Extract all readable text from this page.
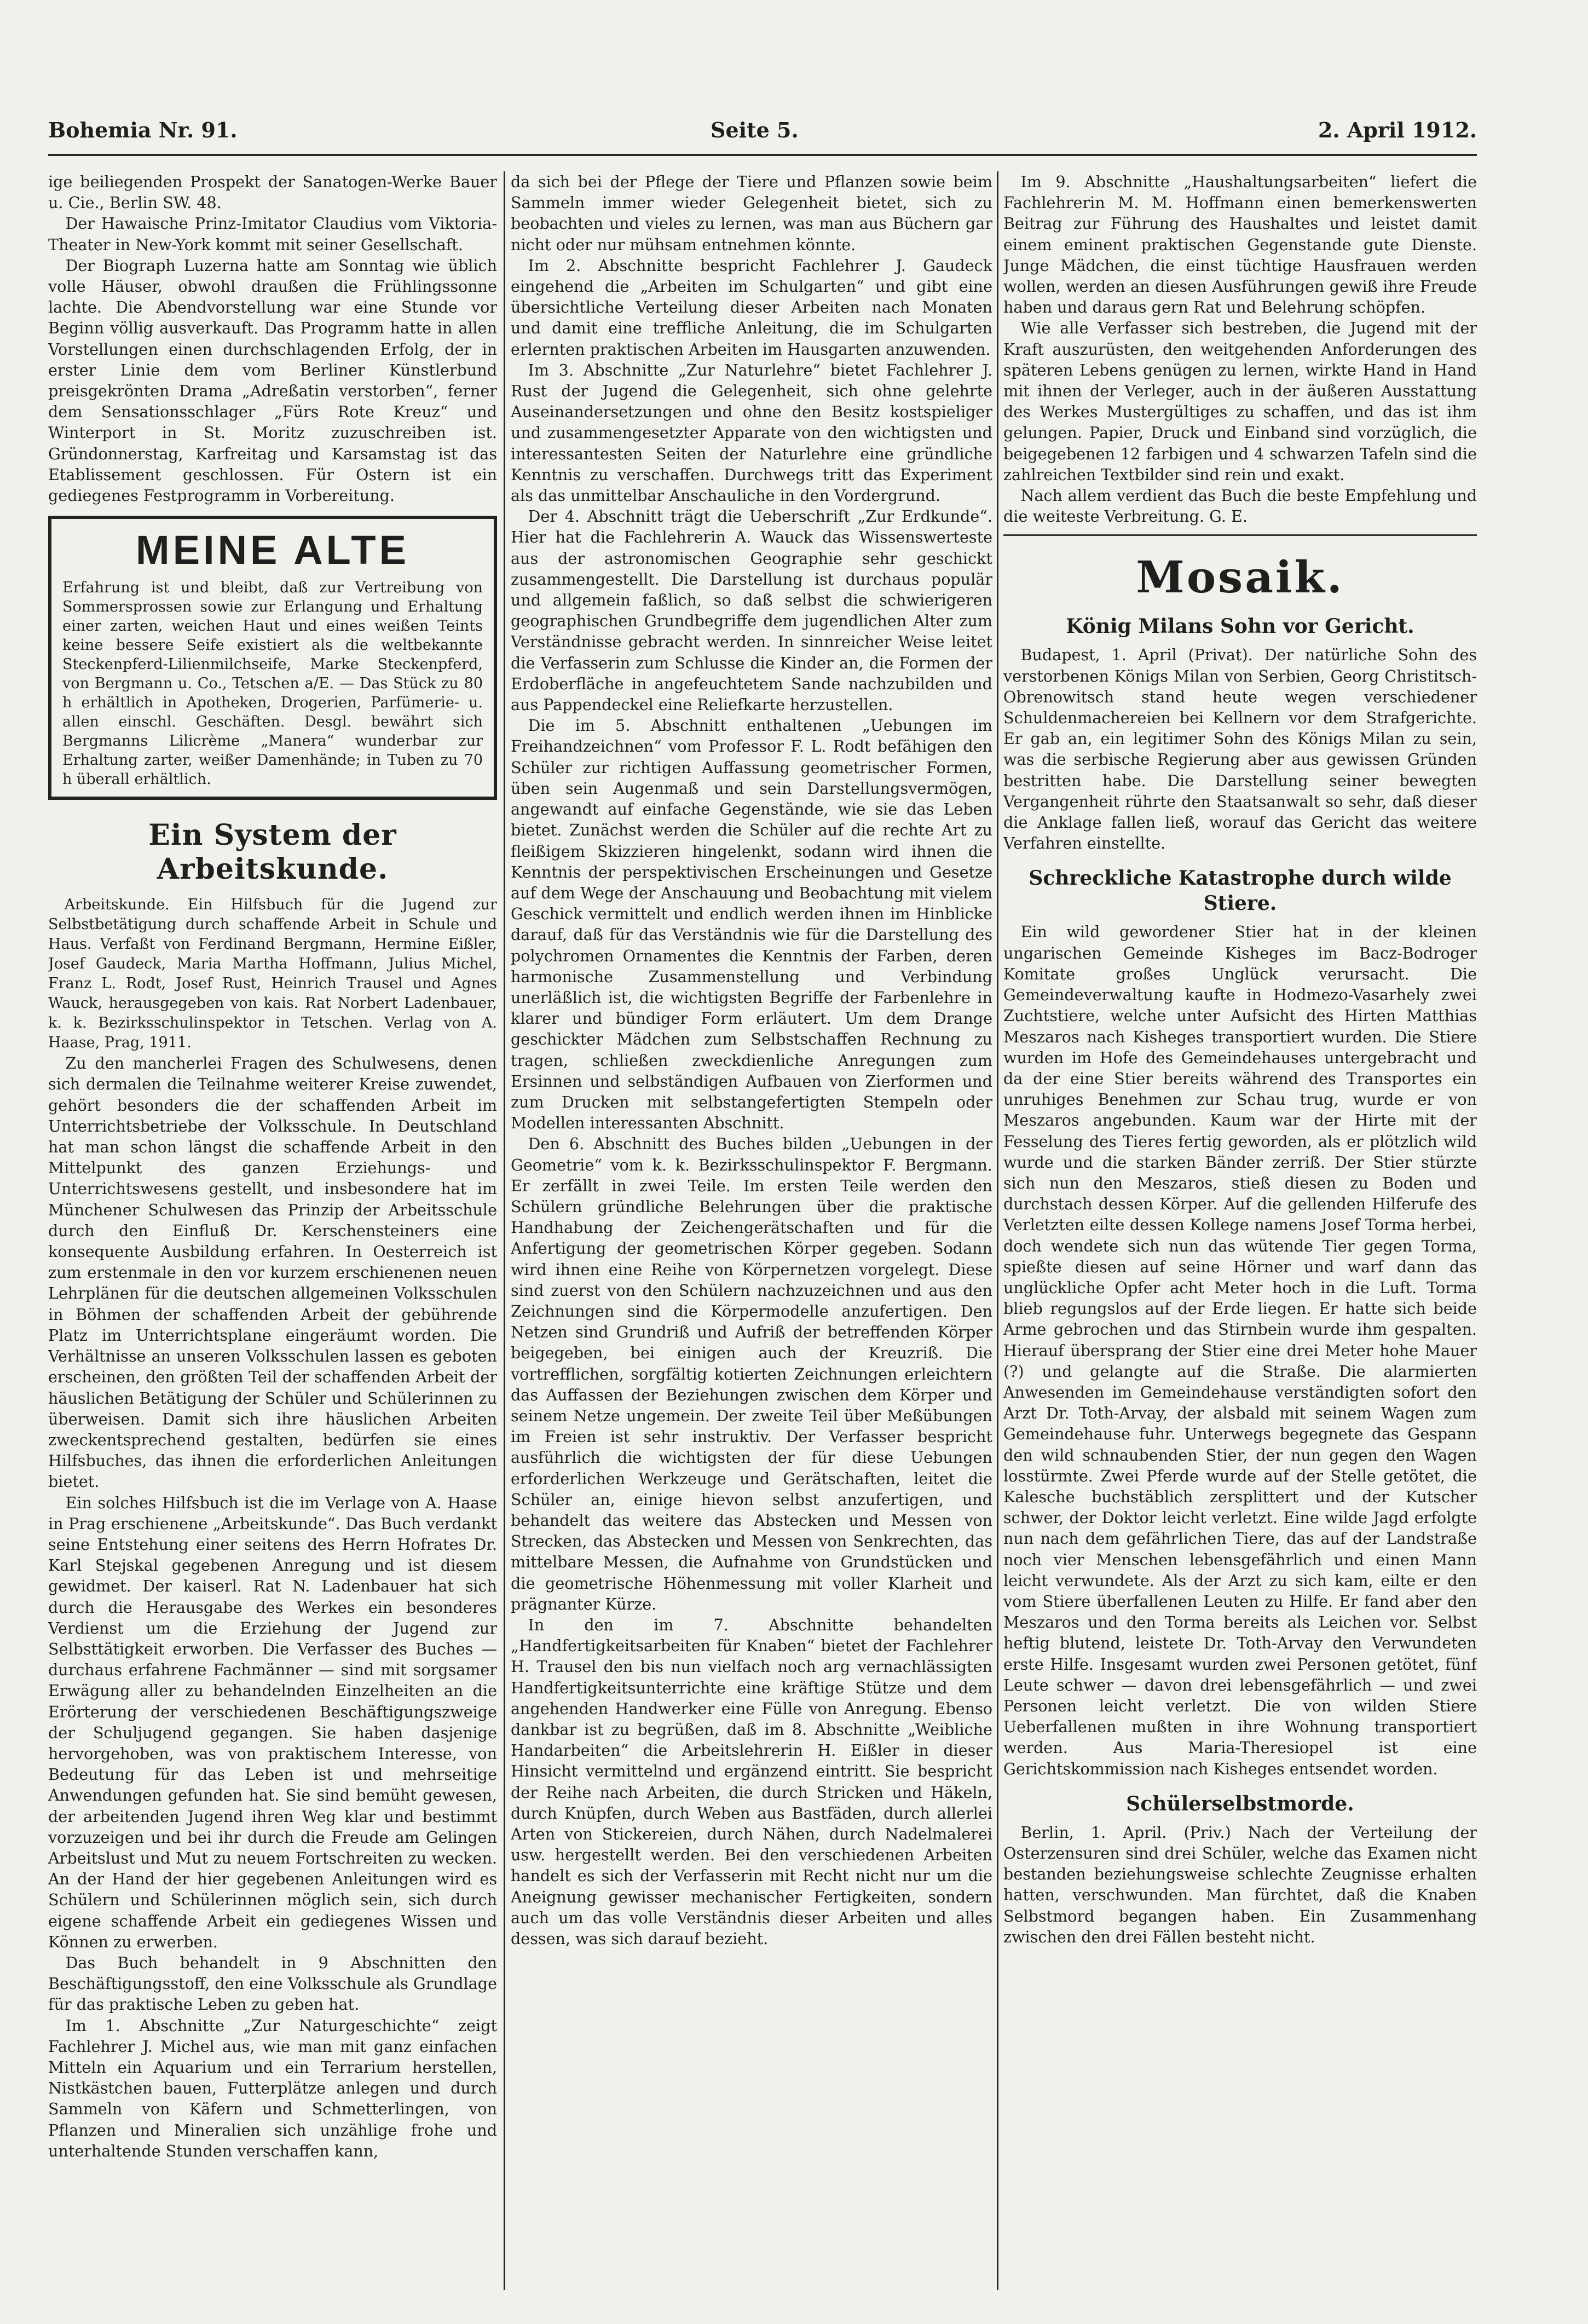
Bohemia Nr. 91.	Seite 5.	2. April 1912.

ige beiliegenden Prospekt der Sanatogen-Werke Bauer u. Cie., Berlin SW. 48.

Der Hawaische Prinz-Imitator Claudius vom Viktoria-Theater in New-York kommt mit seiner Gesellschaft.

Der Biograph Luzerna hatte am Sonntag wie üblich volle Häuser, obwohl draußen die Frühlingssonne lachte. Die Abendvorstellung war eine Stunde vor Beginn völlig ausverkauft. Das Programm hatte in allen Vorstellungen einen durchschlagenden Erfolg, der in erster Linie dem vom Berliner Künstlerbund preisgekrönten Drama „Adreßatin verstorben“, ferner dem Sensationsschlager „Fürs Rote Kreuz“ und Winterport in St. Moritz zuzuschreiben ist. Gründonnerstag, Karfreitag und Karsamstag ist das Etablissement geschlossen. Für Ostern ist ein gediegenes Festprogramm in Vorbereitung.

MEINE ALTE
Erfahrung ist und bleibt, daß zur Vertreibung von Sommersprossen sowie zur Erlangung und Erhaltung einer zarten, weichen Haut und eines weißen Teints keine bessere Seife existiert als die weltbekannte Steckenpferd-Lilienmilchseife, Marke Steckenpferd, von Bergmann u. Co., Tetschen a/E. — Das Stück zu 80 h erhältlich in Apotheken, Drogerien, Parfümerie- u. allen einschl. Geschäften. Desgl. bewährt sich Bergmanns Lilicrème „Manera“ wunderbar zur Erhaltung zarter, weißer Damenhände; in Tuben zu 70 h überall erhältlich.
Ein System der Arbeitskunde.

Arbeitskunde. Ein Hilfsbuch für die Jugend zur Selbstbetätigung durch schaffende Arbeit in Schule und Haus. Verfaßt von Ferdinand Bergmann, Hermine Eißler, Josef Gaudeck, Maria Martha Hoffmann, Julius Michel, Franz L. Rodt, Josef Rust, Heinrich Trausel und Agnes Wauck, herausgegeben von kais. Rat Norbert Ladenbauer, k. k. Bezirksschulinspektor in Tetschen. Verlag von A. Haase, Prag, 1911.

Zu den mancherlei Fragen des Schulwesens, denen sich dermalen die Teilnahme weiterer Kreise zuwendet, gehört besonders die der schaffenden Arbeit im Unterrichtsbetriebe der Volksschule. In Deutschland hat man schon längst die schaffende Arbeit in den Mittelpunkt des ganzen Erziehungs- und Unterrichtswesens gestellt, und insbesondere hat im Münchener Schulwesen das Prinzip der Arbeitsschule durch den Einfluß Dr. Kerschensteiners eine konsequente Ausbildung erfahren. In Oesterreich ist zum erstenmale in den vor kurzem erschienenen neuen Lehrplänen für die deutschen allgemeinen Volksschulen in Böhmen der schaffenden Arbeit der gebührende Platz im Unterrichtsplane eingeräumt worden. Die Verhältnisse an unseren Volksschulen lassen es geboten erscheinen, den größten Teil der schaffenden Arbeit der häuslichen Betätigung der Schüler und Schülerinnen zu überweisen. Damit sich ihre häuslichen Arbeiten zweckentsprechend gestalten, bedürfen sie eines Hilfsbuches, das ihnen die erforderlichen Anleitungen bietet.

Ein solches Hilfsbuch ist die im Verlage von A. Haase in Prag erschienene „Arbeitskunde“. Das Buch verdankt seine Entstehung einer seitens des Herrn Hofrates Dr. Karl Stejskal gegebenen Anregung und ist diesem gewidmet. Der kaiserl. Rat N. Ladenbauer hat sich durch die Herausgabe des Werkes ein besonderes Verdienst um die Erziehung der Jugend zur Selbsttätigkeit erworben. Die Verfasser des Buches — durchaus erfahrene Fachmänner — sind mit sorgsamer Erwägung aller zu behandelnden Einzelheiten an die Erörterung der verschiedenen Beschäftigungszweige der Schuljugend gegangen. Sie haben dasjenige hervorgehoben, was von praktischem Interesse, von Bedeutung für das Leben ist und mehrseitige Anwendungen gefunden hat. Sie sind bemüht gewesen, der arbeitenden Jugend ihren Weg klar und bestimmt vorzuzeigen und bei ihr durch die Freude am Gelingen Arbeitslust und Mut zu neuem Fortschreiten zu wecken. An der Hand der hier gegebenen Anleitungen wird es Schülern und Schülerinnen möglich sein, sich durch eigene schaffende Arbeit ein gediegenes Wissen und Können zu erwerben.

Das Buch behandelt in 9 Abschnitten den Beschäftigungsstoff, den eine Volksschule als Grundlage für das praktische Leben zu geben hat.

Im 1. Abschnitte „Zur Naturgeschichte“ zeigt Fachlehrer J. Michel aus, wie man mit ganz einfachen Mitteln ein Aquarium und ein Terrarium herstellen, Nistkästchen bauen, Futterplätze anlegen und durch Sammeln von Käfern und Schmetterlingen, von Pflanzen und Mineralien sich unzählige frohe und unterhaltende Stunden verschaffen kann,

da sich bei der Pflege der Tiere und Pflanzen sowie beim Sammeln immer wieder Gelegenheit bietet, sich zu beobachten und vieles zu lernen, was man aus Büchern gar nicht oder nur mühsam entnehmen könnte.

Im 2. Abschnitte bespricht Fachlehrer J. Gaudeck eingehend die „Arbeiten im Schulgarten“ und gibt eine übersichtliche Verteilung dieser Arbeiten nach Monaten und damit eine treffliche Anleitung, die im Schulgarten erlernten praktischen Arbeiten im Hausgarten anzuwenden.

Im 3. Abschnitte „Zur Naturlehre“ bietet Fachlehrer J. Rust der Jugend die Gelegenheit, sich ohne gelehrte Auseinandersetzungen und ohne den Besitz kostspieliger und zusammengesetzter Apparate von den wichtigsten und interessantesten Seiten der Naturlehre eine gründliche Kenntnis zu verschaffen. Durchwegs tritt das Experiment als das unmittelbar Anschauliche in den Vordergrund.

Der 4. Abschnitt trägt die Ueberschrift „Zur Erdkunde“. Hier hat die Fachlehrerin A. Wauck das Wissenswerteste aus der astronomischen Geographie sehr geschickt zusammengestellt. Die Darstellung ist durchaus populär und allgemein faßlich, so daß selbst die schwierigeren geographischen Grundbegriffe dem jugendlichen Alter zum Verständnisse gebracht werden. In sinnreicher Weise leitet die Verfasserin zum Schlusse die Kinder an, die Formen der Erdoberfläche in angefeuchtetem Sande nachzubilden und aus Pappendeckel eine Reliefkarte herzustellen.

Die im 5. Abschnitt enthaltenen „Uebungen im Freihandzeichnen“ vom Professor F. L. Rodt befähigen den Schüler zur richtigen Auffassung geometrischer Formen, üben sein Augenmaß und sein Darstellungsvermögen, angewandt auf einfache Gegenstände, wie sie das Leben bietet. Zunächst werden die Schüler auf die rechte Art zu fleißigem Skizzieren hingelenkt, sodann wird ihnen die Kenntnis der perspektivischen Erscheinungen und Gesetze auf dem Wege der Anschauung und Beobachtung mit vielem Geschick vermittelt und endlich werden ihnen im Hinblicke darauf, daß für das Verständnis wie für die Darstellung des polychromen Ornamentes die Kenntnis der Farben, deren harmonische Zusammenstellung und Verbindung unerläßlich ist, die wichtigsten Begriffe der Farbenlehre in klarer und bündiger Form erläutert. Um dem Drange geschickter Mädchen zum Selbstschaffen Rechnung zu tragen, schließen zweckdienliche Anregungen zum Ersinnen und selbständigen Aufbauen von Zierformen und zum Drucken mit selbstangefertigten Stempeln oder Modellen interessanten Abschnitt.

Den 6. Abschnitt des Buches bilden „Uebungen in der Geometrie“ vom k. k. Bezirksschulinspektor F. Bergmann. Er zerfällt in zwei Teile. Im ersten Teile werden den Schülern gründliche Belehrungen über die praktische Handhabung der Zeichengerätschaften und für die Anfertigung der geometrischen Körper gegeben. Sodann wird ihnen eine Reihe von Körpernetzen vorgelegt. Diese sind zuerst von den Schülern nachzuzeichnen und aus den Zeichnungen sind die Körpermodelle anzufertigen. Den Netzen sind Grundriß und Aufriß der betreffenden Körper beigegeben, bei einigen auch der Kreuzriß. Die vortrefflichen, sorgfältig kotierten Zeichnungen erleichtern das Auffassen der Beziehungen zwischen dem Körper und seinem Netze ungemein. Der zweite Teil über Meßübungen im Freien ist sehr instruktiv. Der Verfasser bespricht ausführlich die wichtigsten der für diese Uebungen erforderlichen Werkzeuge und Gerätschaften, leitet die Schüler an, einige hievon selbst anzufertigen, und behandelt das weitere das Abstecken und Messen von Strecken, das Abstecken und Messen von Senkrechten, das mittelbare Messen, die Aufnahme von Grundstücken und die geometrische Höhenmessung mit voller Klarheit und prägnanter Kürze.

In den im 7. Abschnitte behandelten „Handfertigkeitsarbeiten für Knaben“ bietet der Fachlehrer H. Trausel den bis nun vielfach noch arg vernachlässigten Handfertigkeitsunterrichte eine kräftige Stütze und dem angehenden Handwerker eine Fülle von Anregung. Ebenso dankbar ist zu begrüßen, daß im 8. Abschnitte „Weibliche Handarbeiten“ die Arbeitslehrerin H. Eißler in dieser Hinsicht vermittelnd und ergänzend eintritt. Sie bespricht der Reihe nach Arbeiten, die durch Stricken und Häkeln, durch Knüpfen, durch Weben aus Bastfäden, durch allerlei Arten von Stickereien, durch Nähen, durch Nadelmalerei usw. hergestellt werden. Bei den verschiedenen Arbeiten handelt es sich der Verfasserin mit Recht nicht nur um die Aneignung gewisser mechanischer Fertigkeiten, sondern auch um das volle Verständnis dieser Arbeiten und alles dessen, was sich darauf bezieht.

Im 9. Abschnitte „Haushaltungsarbeiten“ liefert die Fachlehrerin M. M. Hoffmann einen bemerkenswerten Beitrag zur Führung des Haushaltes und leistet damit einem eminent praktischen Gegenstande gute Dienste. Junge Mädchen, die einst tüchtige Hausfrauen werden wollen, werden an diesen Ausführungen gewiß ihre Freude haben und daraus gern Rat und Belehrung schöpfen.

Wie alle Verfasser sich bestreben, die Jugend mit der Kraft auszurüsten, den weitgehenden Anforderungen des späteren Lebens genügen zu lernen, wirkte Hand in Hand mit ihnen der Verleger, auch in der äußeren Ausstattung des Werkes Mustergültiges zu schaffen, und das ist ihm gelungen. Papier, Druck und Einband sind vorzüglich, die beigegebenen 12 farbigen und 4 schwarzen Tafeln sind die zahlreichen Textbilder sind rein und exakt.

Nach allem verdient das Buch die beste Empfehlung und die weiteste Verbreitung. G. E.

Mosaik.
König Milans Sohn vor Gericht.

Budapest, 1. April (Privat). Der natürliche Sohn des verstorbenen Königs Milan von Serbien, Georg Christitsch-Obrenowitsch stand heute wegen verschiedener Schuldenmachereien bei Kellnern vor dem Strafgerichte. Er gab an, ein legitimer Sohn des Königs Milan zu sein, was die serbische Regierung aber aus gewissen Gründen bestritten habe. Die Darstellung seiner bewegten Vergangenheit rührte den Staatsanwalt so sehr, daß dieser die Anklage fallen ließ, worauf das Gericht das weitere Verfahren einstellte.

Schreckliche Katastrophe durch wilde Stiere.

Ein wild gewordener Stier hat in der kleinen ungarischen Gemeinde Kisheges im Bacz-Bodroger Komitate großes Unglück verursacht. Die Gemeindeverwaltung kaufte in Hodmezo-Vasarhely zwei Zuchtstiere, welche unter Aufsicht des Hirten Matthias Meszaros nach Kisheges transportiert wurden. Die Stiere wurden im Hofe des Gemeindehauses untergebracht und da der eine Stier bereits während des Transportes ein unruhiges Benehmen zur Schau trug, wurde er von Meszaros angebunden. Kaum war der Hirte mit der Fesselung des Tieres fertig geworden, als er plötzlich wild wurde und die starken Bänder zerriß. Der Stier stürzte sich nun den Meszaros, stieß diesen zu Boden und durchstach dessen Körper. Auf die gellenden Hilferufe des Verletzten eilte dessen Kollege namens Josef Torma herbei, doch wendete sich nun das wütende Tier gegen Torma, spießte diesen auf seine Hörner und warf dann das unglückliche Opfer acht Meter hoch in die Luft. Torma blieb regungslos auf der Erde liegen. Er hatte sich beide Arme gebrochen und das Stirnbein wurde ihm gespalten. Hierauf übersprang der Stier eine drei Meter hohe Mauer (?) und gelangte auf die Straße. Die alarmierten Anwesenden im Gemeindehause verständigten sofort den Arzt Dr. Toth-Arvay, der alsbald mit seinem Wagen zum Gemeindehause fuhr. Unterwegs begegnete das Gespann den wild schnaubenden Stier, der nun gegen den Wagen losstürmte. Zwei Pferde wurde auf der Stelle getötet, die Kalesche buchstäblich zersplittert und der Kutscher schwer, der Doktor leicht verletzt. Eine wilde Jagd erfolgte nun nach dem gefährlichen Tiere, das auf der Landstraße noch vier Menschen lebensgefährlich und einen Mann leicht verwundete. Als der Arzt zu sich kam, eilte er den vom Stiere überfallenen Leuten zu Hilfe. Er fand aber den Meszaros und den Torma bereits als Leichen vor. Selbst heftig blutend, leistete Dr. Toth-Arvay den Verwundeten erste Hilfe. Insgesamt wurden zwei Personen getötet, fünf Leute schwer — davon drei lebensgefährlich — und zwei Personen leicht verletzt. Die von wilden Stiere Ueberfallenen mußten in ihre Wohnung transportiert werden. Aus Maria-Theresiopel ist eine Gerichtskommission nach Kisheges entsendet worden.

Schülerselbstmorde.

Berlin, 1. April. (Priv.) Nach der Verteilung der Osterzensuren sind drei Schüler, welche das Examen nicht bestanden beziehungsweise schlechte Zeugnisse erhalten hatten, verschwunden. Man fürchtet, daß die Knaben Selbstmord begangen haben. Ein Zusammenhang zwischen den drei Fällen besteht nicht.
